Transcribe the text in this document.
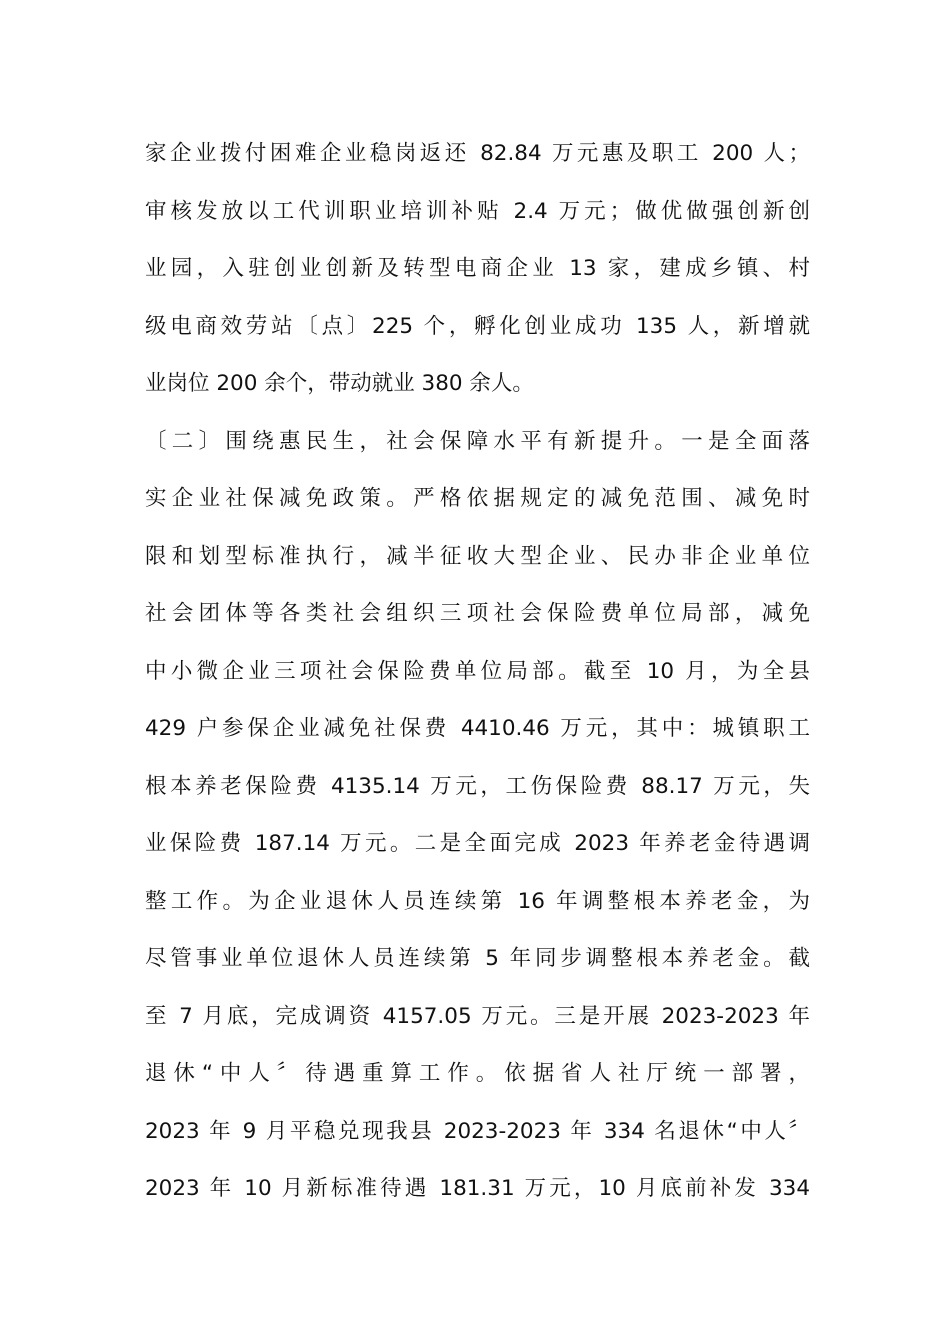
家企业拨付困难企业稳岗返还 82.84 万元惠及职工 200 人；
审核发放以工代训职业培训补贴 2.4 万元；做优做强创新创
业园，入驻创业创新及转型电商企业 13 家，建成乡镇、村
级电商效劳站〔点〕225 个，孵化创业成功 135 人，新增就
业岗位 200 余个，带动就业 380 余人。
〔二〕围绕惠民生，社会保障水平有新提升。一是全面落
实企业社保减免政策。严格依据规定的减免范围、减免时
限和划型标准执行，减半征收大型企业、民办非企业单位
社会团体等各类社会组织三项社会保险费单位局部，减免
中小微企业三项社会保险费单位局部。截至 10 月，为全县
429 户参保企业减免社保费 4410.46 万元，其中：城镇职工
根本养老保险费 4135.14 万元，工伤保险费 88.17 万元，失
业保险费 187.14 万元。二是全面完成 2023 年养老金待遇调
整工作。为企业退休人员连续第 16 年调整根本养老金，为
尽管事业单位退休人员连续第 5 年同步调整根本养老金。截
至 7 月底，完成调资 4157.05 万元。三是开展 2023-2023 年
退休“中人〞待遇重算工作。依据省人社厅统一部署，
2023 年 9 月平稳兑现我县 2023-2023 年 334 名退休“中人〞
2023 年 10 月新标准待遇 181.31 万元，10 月底前补发 334
